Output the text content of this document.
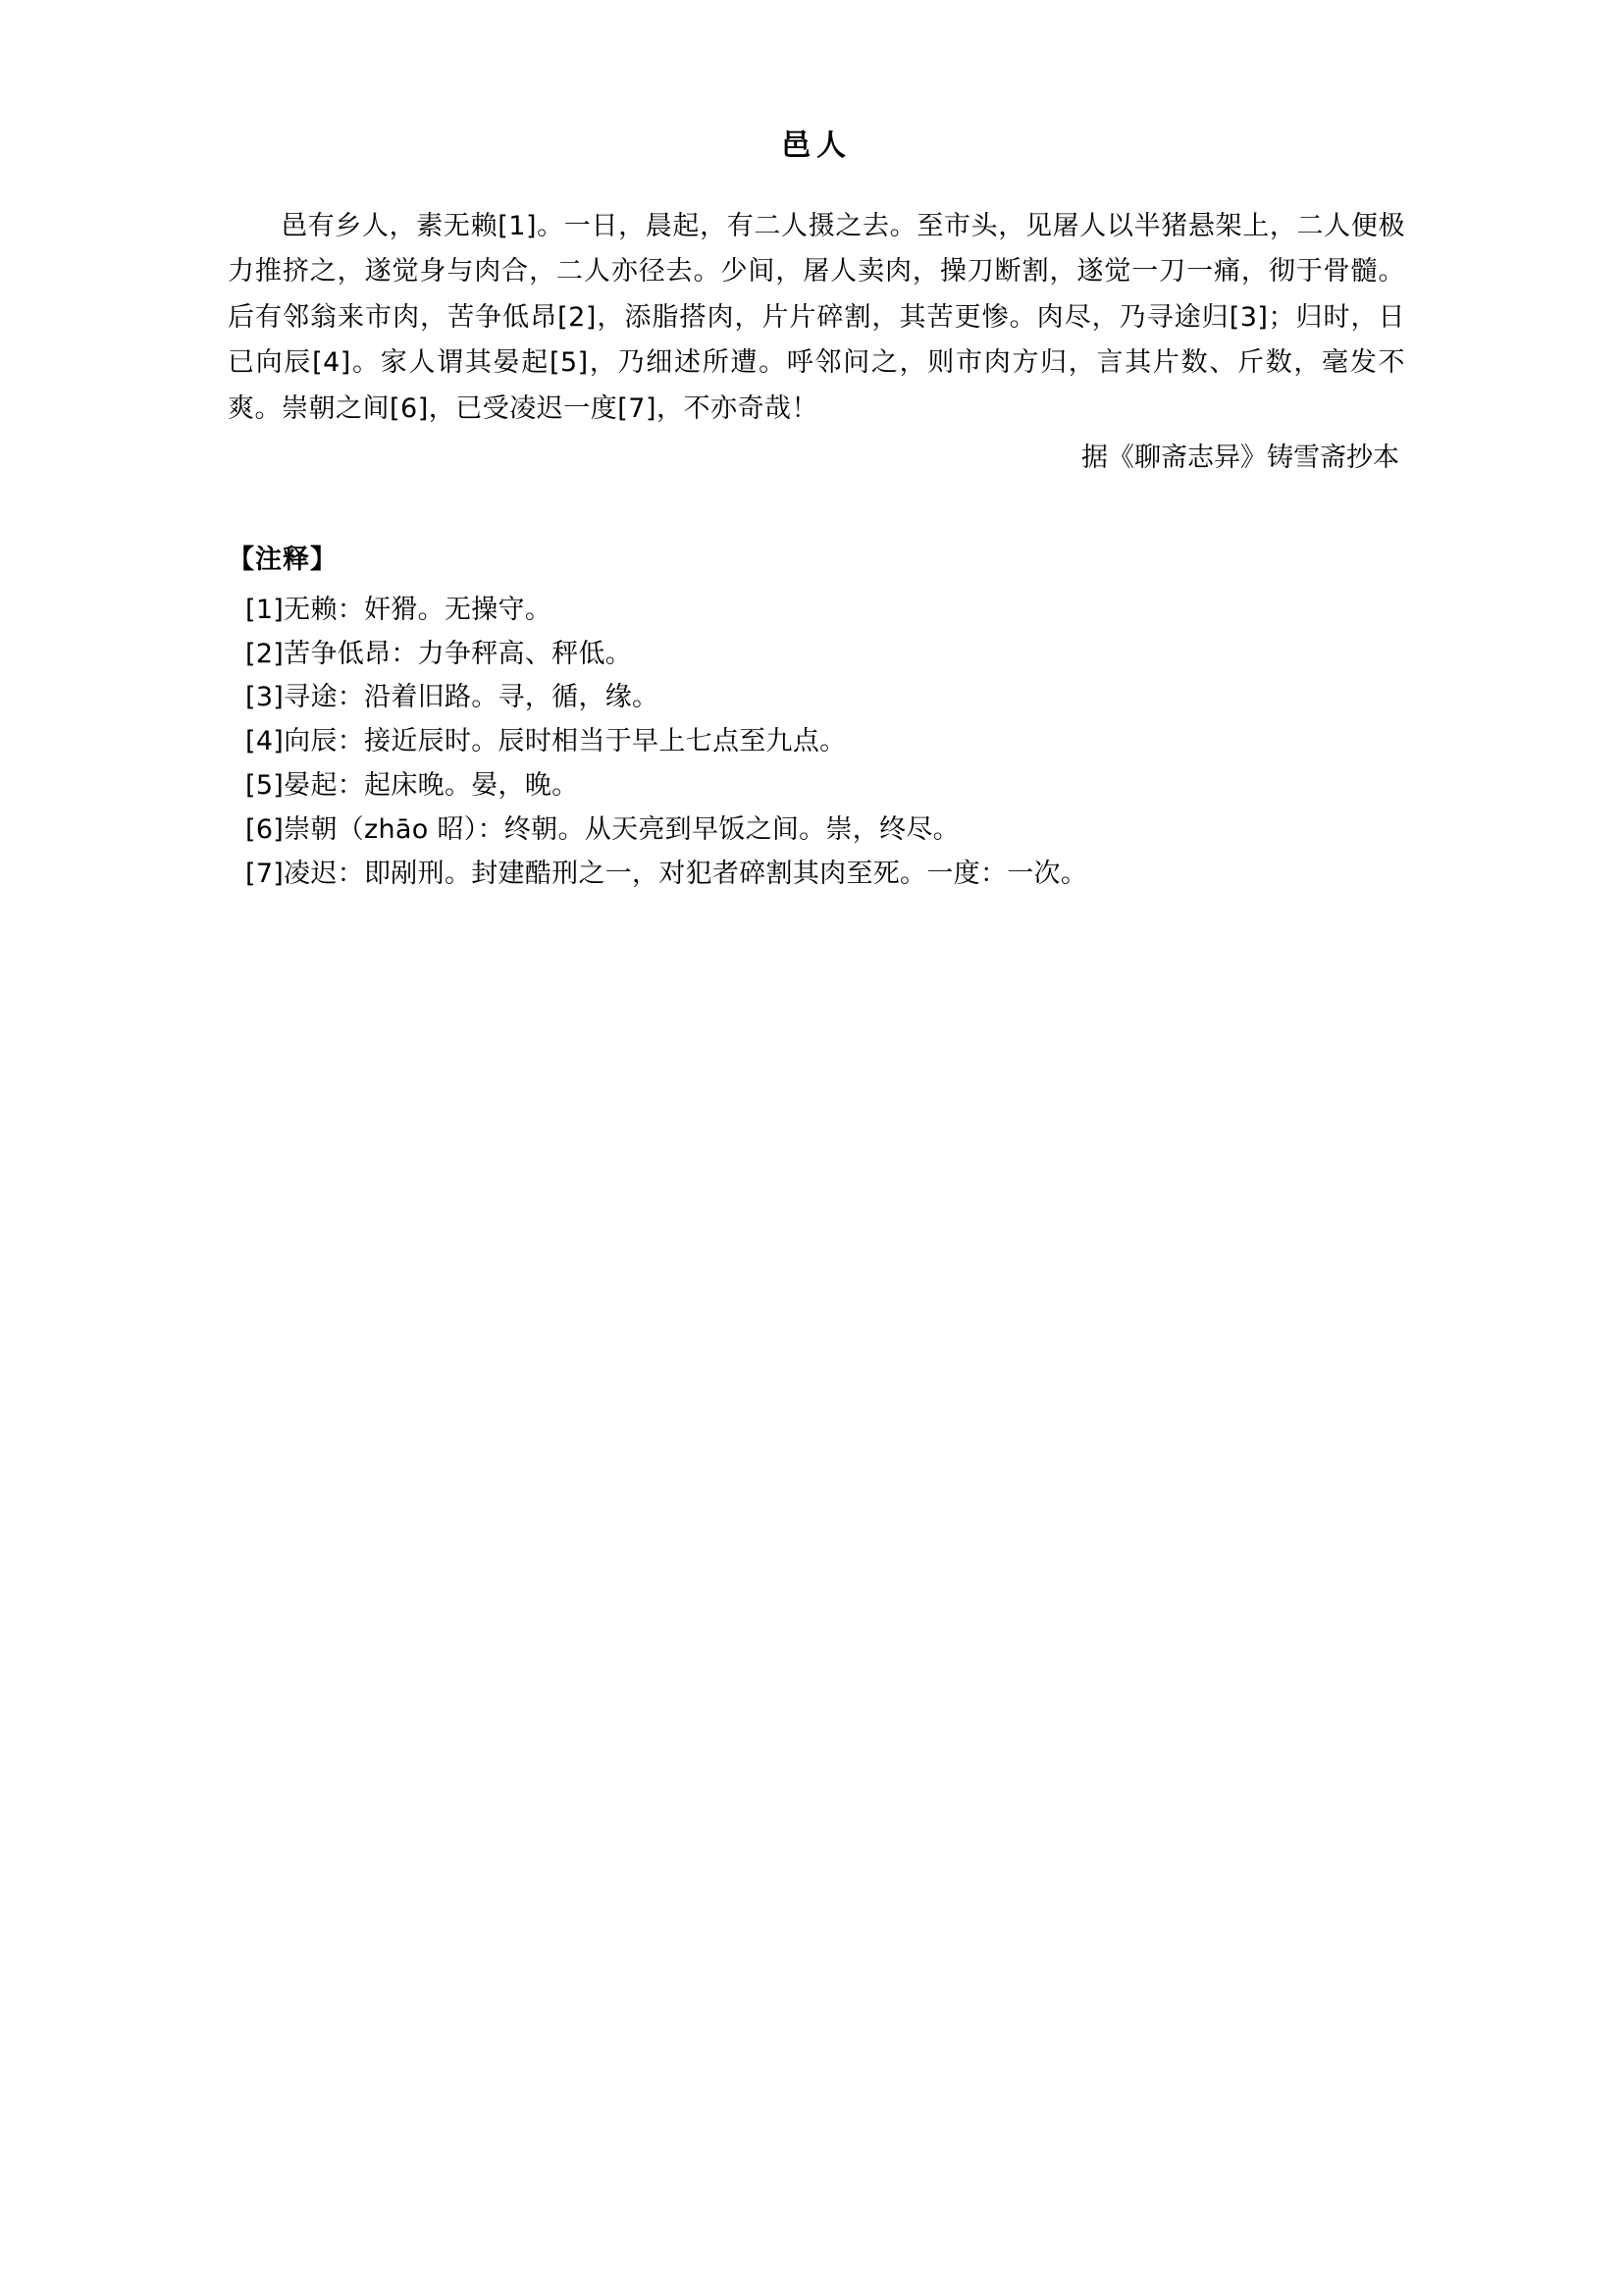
邑人

邑有乡人，素无赖[1]。一日，晨起，有二人摄之去。至市头，见屠人以半猪悬架上，二人便极力推挤之，遂觉身与肉合，二人亦径去。少间，屠人卖肉，操刀断割，遂觉一刀一痛，彻于骨髓。后有邻翁来市肉，苦争低昂[2]，添脂搭肉，片片碎割，其苦更惨。肉尽，乃寻途归[3]；归时，日已向辰[4]。家人谓其晏起[5]，乃细述所遭。呼邻问之，则市肉方归，言其片数、斤数，毫发不爽。崇朝之间[6]，已受凌迟一度[7]，不亦奇哉！

据《聊斋志异》铸雪斋抄本

【注释】
[1]无赖：奸猾。无操守。
[2]苦争低昂：力争秤高、秤低。
[3]寻途：沿着旧路。寻，循，缘。
[4]向辰：接近辰时。辰时相当于早上七点至九点。
[5]晏起：起床晚。晏，晚。
[6]崇朝（zhāo 昭）：终朝。从天亮到早饭之间。崇，终尽。
[7]凌迟：即剐刑。封建酷刑之一，对犯者碎割其肉至死。一度：一次。
